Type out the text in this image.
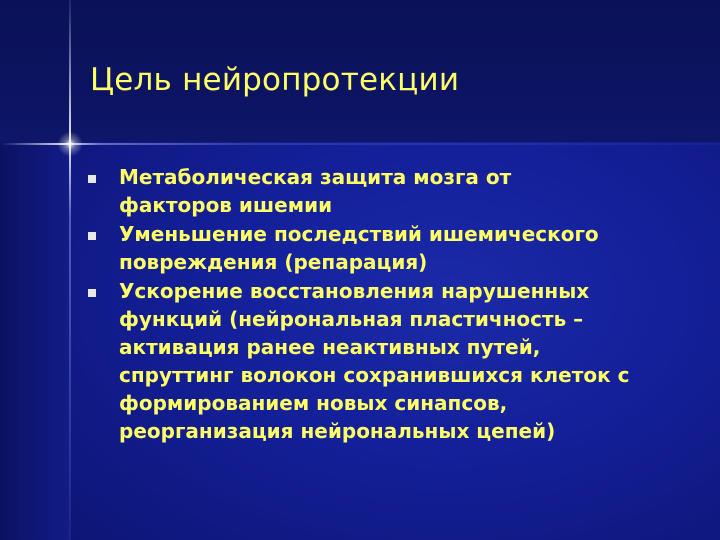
Цель нейропротекции
Метаболическая защита мозга от
факторов ишемии
Уменьшение последствий ишемического
повреждения (репарация)
Ускорение восстановления нарушенных
функций (нейрональная пластичность –
активация ранее неактивных путей,
спруттинг волокон сохранившихся клеток с
формированием новых синапсов,
реорганизация нейрональных цепей)
